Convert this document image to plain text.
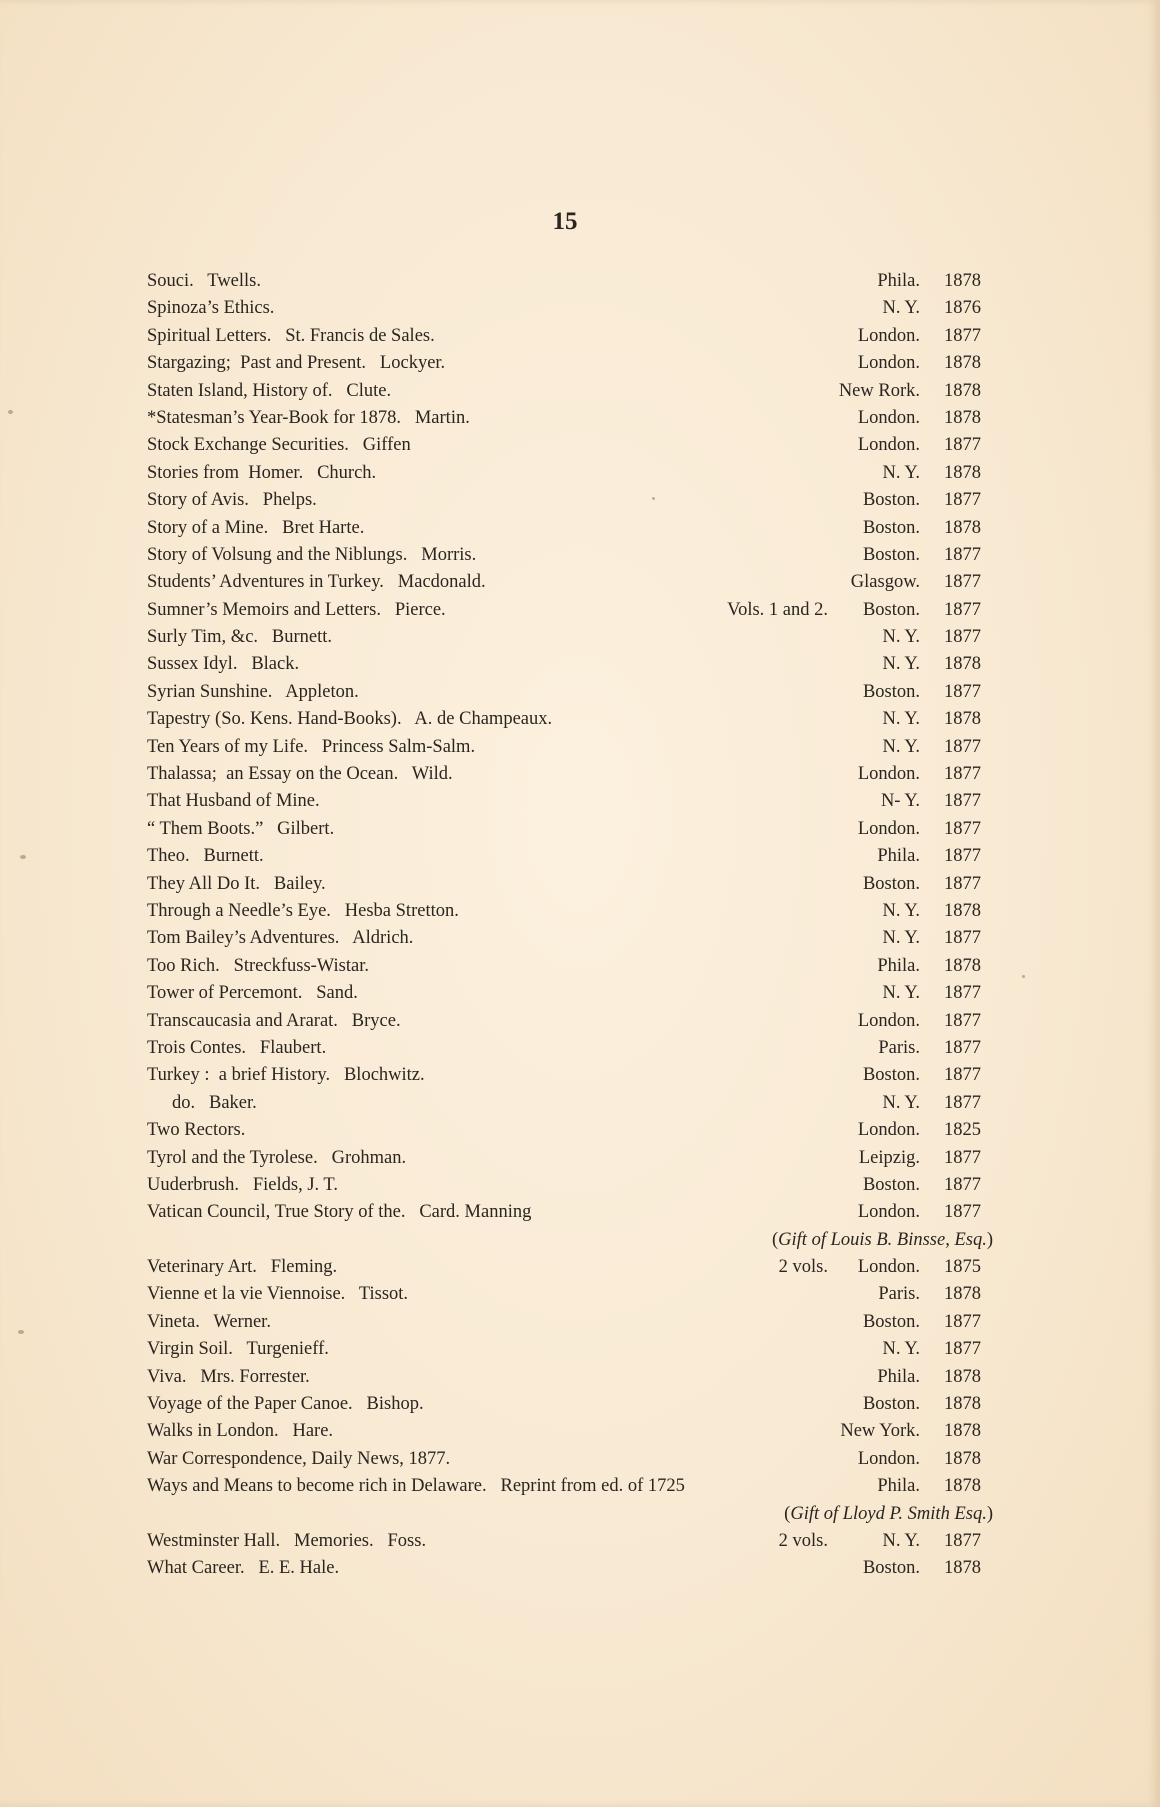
15
Souci.   Twells.	Phila. 1878
Spinoza’s Ethics.	N. Y. 1876
Spiritual Letters.   St. Francis de Sales.	London. 1877
Stargazing;  Past and Present.   Lockyer.	London. 1878
Staten Island, History of.   Clute.	New Rork. 1878
*Statesman’s Year-Book for 1878.   Martin.	London. 1878
Stock Exchange Securities.   Giffen	London. 1877
Stories from  Homer.   Church.	N. Y. 1878
Story of Avis.   Phelps.	Boston. 1877
Story of a Mine.   Bret Harte.	Boston. 1878
Story of Volsung and the Niblungs.   Morris.	Boston. 1877
Students’ Adventures in Turkey.   Macdonald.	Glasgow. 1877
Sumner’s Memoirs and Letters.   Pierce.	Vols. 1 and 2. Boston. 1877
Surly Tim, &c.   Burnett.	N. Y. 1877
Sussex Idyl.   Black.	N. Y. 1878
Syrian Sunshine.   Appleton.	Boston. 1877
Tapestry (So. Kens. Hand-Books).   A. de Champeaux.	N. Y. 1878
Ten Years of my Life.   Princess Salm-Salm.	N. Y. 1877
Thalassa;  an Essay on the Ocean.   Wild.	London. 1877
That Husband of Mine.	N- Y. 1877
“ Them Boots.”   Gilbert.	London. 1877
Theo.   Burnett.	Phila. 1877
They All Do It.   Bailey.	Boston. 1877
Through a Needle’s Eye.   Hesba Stretton.	N. Y. 1878
Tom Bailey’s Adventures.   Aldrich.	N. Y. 1877
Too Rich.   Streckfuss-Wistar.	Phila. 1878
Tower of Percemont.   Sand.	N. Y. 1877
Transcaucasia and Ararat.   Bryce.	London. 1877
Trois Contes.   Flaubert.	Paris. 1877
Turkey :  a brief History.   Blochwitz.	Boston. 1877
do.   Baker.	N. Y. 1877
Two Rectors.	London. 1825
Tyrol and the Tyrolese.   Grohman.	Leipzig. 1877
Uuderbrush.   Fields, J. T.	Boston. 1877
Vatican Council, True Story of the.   Card. Manning	London. 1877
(Gift of Louis B. Binsse, Esq.)
Veterinary Art.   Fleming.	2 vols. London. 1875
Vienne et la vie Viennoise.   Tissot.	Paris. 1878
Vineta.   Werner.	Boston. 1877
Virgin Soil.   Turgenieff.	N. Y. 1877
Viva.   Mrs. Forrester.	Phila. 1878
Voyage of the Paper Canoe.   Bishop.	Boston. 1878
Walks in London.   Hare.	New York. 1878
War Correspondence, Daily News, 1877.	London. 1878
Ways and Means to become rich in Delaware.   Reprint from ed. of 1725	Phila. 1878
(Gift of Lloyd P. Smith Esq.)
Westminster Hall.   Memories.   Foss.	2 vols.	N. Y. 1877
What Career.   E. E. Hale.	Boston. 1878
